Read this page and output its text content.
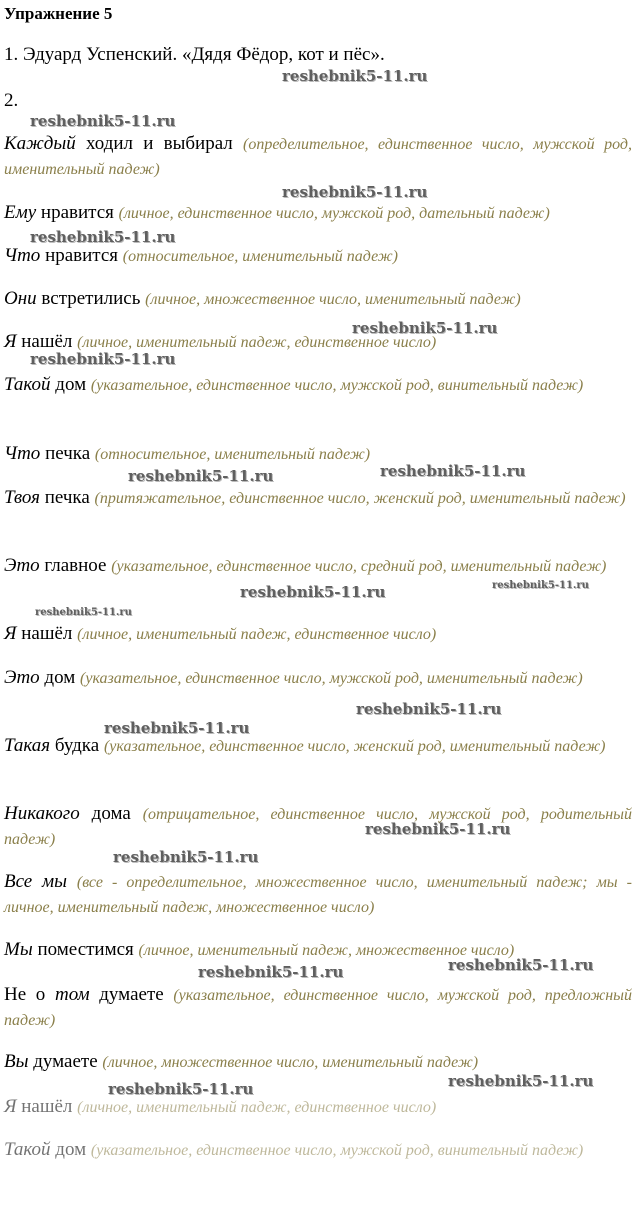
Упражнение 5
1. Эдуард Успенский. «Дядя Фёдор, кот и пёс».
2.
Каждый ходил и выбирал (определительное, единственное число, мужской род, именительный падеж)
Ему нравится (личное, единственное число, мужской род, дательный падеж)
Что нравится (относительное, именительный падеж)
Они встретились (личное, множественное число, именительный падеж)
Я нашёл (личное, именительный падеж, единственное число)
Такой дом (указательное, единственное число, мужской род, винительный падеж)
Что печка (относительное, именительный падеж)
Твоя печка (притяжательное, единственное число, женский род, именительный падеж)
Это главное (указательное, единственное число, средний род, именительный падеж)
Я нашёл (личное, именительный падеж, единственное число)
Это дом (указательное, единственное число, мужской род, именительный падеж)
Такая будка (указательное, единственное число, женский род, именительный падеж)
Никакого дома (отрицательное, единственное число, мужской род, родительный падеж)
Все мы (все - определительное, множественное число, именительный падеж; мы - личное, именительный падеж, множественное число)
Мы поместимся (личное, именительный падеж, множественное число)
Не о том думаете (указательное, единственное число, мужской род, предложный падеж)
Вы думаете (личное, множественное число, именительный падеж)
Я нашёл (личное, именительный падеж, единственное число)
Такой дом (указательное, единственное число, мужской род, винительный падеж)
reshebnik5-11.ru
reshebnik5-11.ru
reshebnik5-11.ru
reshebnik5-11.ru
reshebnik5-11.ru
reshebnik5-11.ru
reshebnik5-11.ru	reshebnik5-11.ru
reshebnik5-11.ru
reshebnik5-11.ru
reshebnik5-11.ru
reshebnik5-11.ru
reshebnik5-11.ru
reshebnik5-11.ru
reshebnik5-11.ru
reshebnik5-11.ru
reshebnik5-11.ru
reshebnik5-11.ru
reshebnik5-11.ru
